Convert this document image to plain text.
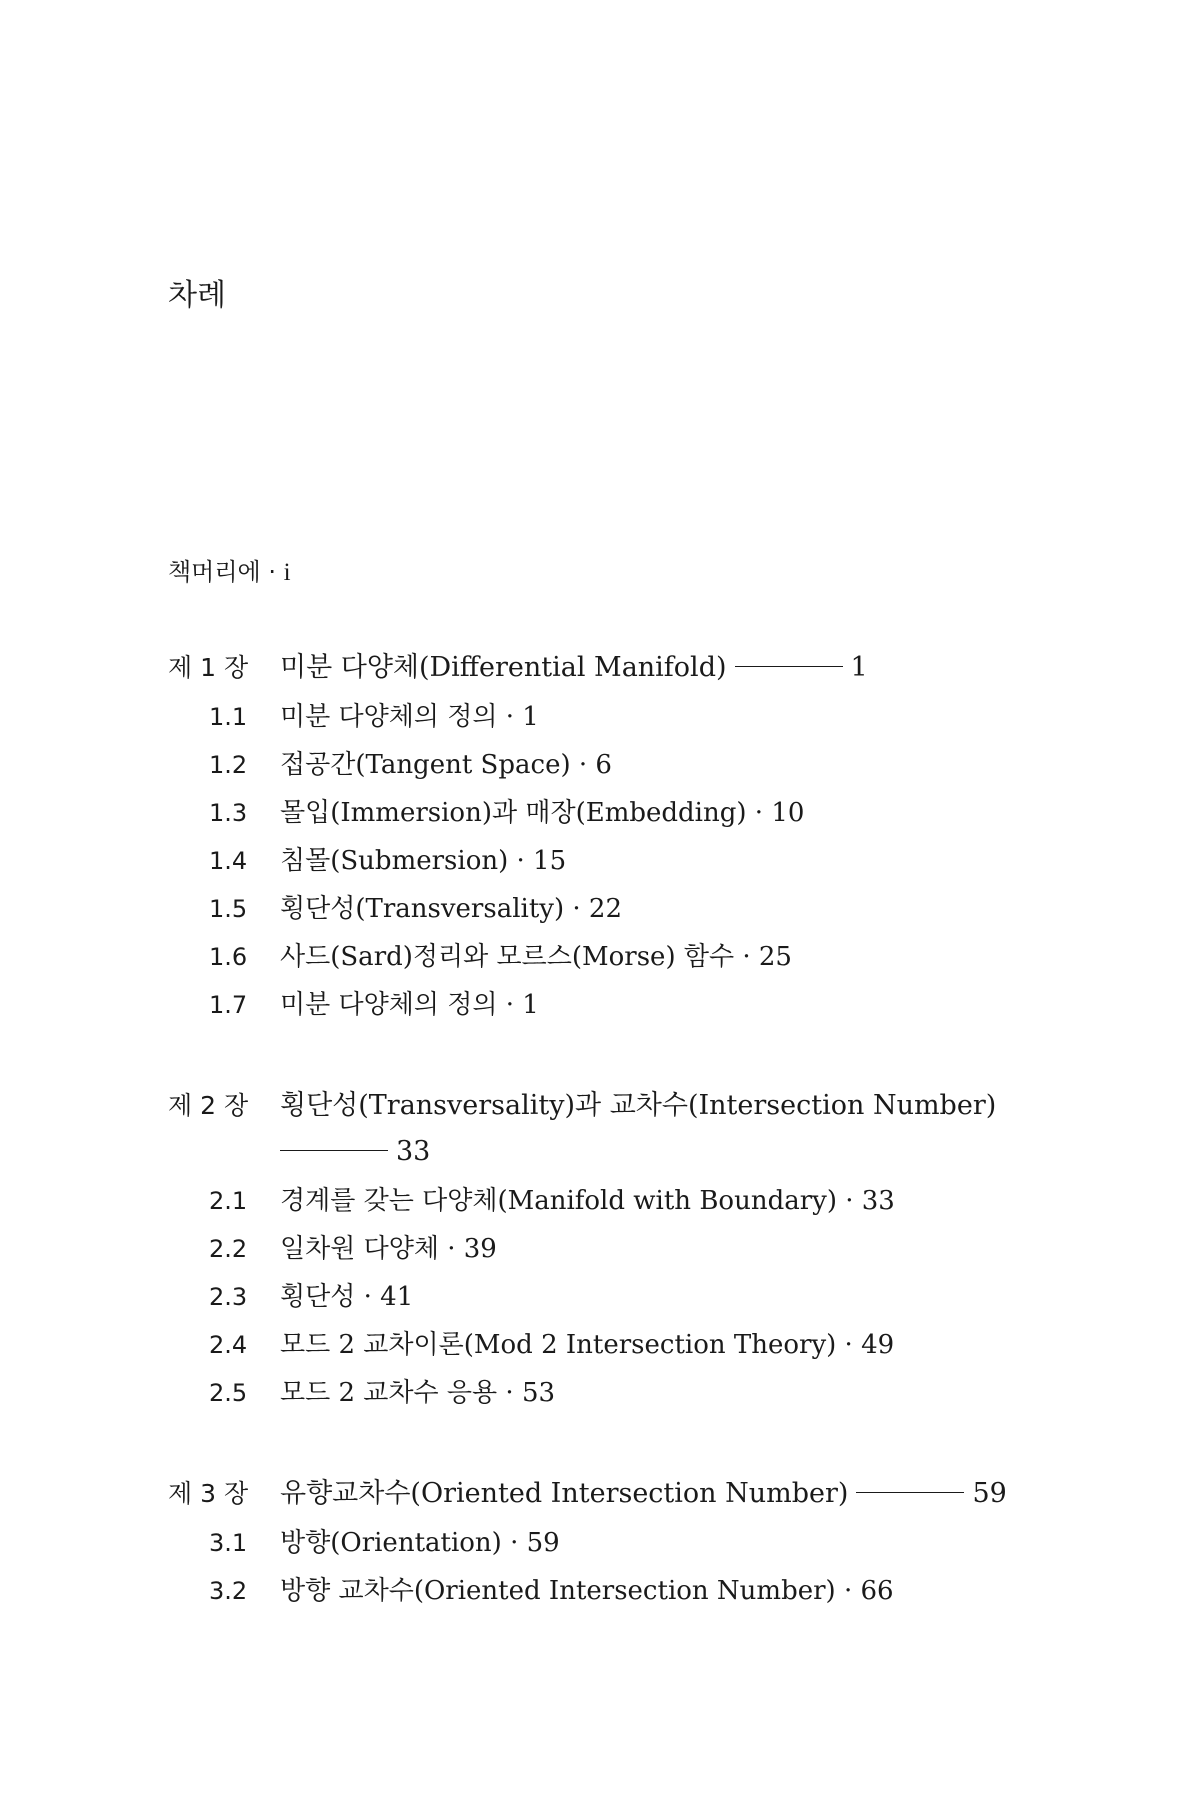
차례
책머리에 · i
제 1 장	미분 다양체(Differential Manifold)	1
1.1	미분 다양체의 정의 · 1
1.2	접공간(Tangent Space) · 6
1.3	몰입(Immersion)과 매장(Embedding) · 10
1.4	침몰(Submersion) · 15
1.5	횡단성(Transversality) · 22
1.6	사드(Sard)정리와 모르스(Morse) 함수 · 25
1.7	미분 다양체의 정의 · 1
제 2 장	횡단성(Transversality)과 교차수(Intersection Number)
33
2.1	경계를 갖는 다양체(Manifold with Boundary) · 33
2.2	일차원 다양체 · 39
2.3	횡단성 · 41
2.4	모드 2 교차이론(Mod 2 Intersection Theory) · 49
2.5	모드 2 교차수 응용 · 53
제 3 장	유향교차수(Oriented Intersection Number)	59
3.1	방향(Orientation) · 59
3.2	방향 교차수(Oriented Intersection Number) · 66
